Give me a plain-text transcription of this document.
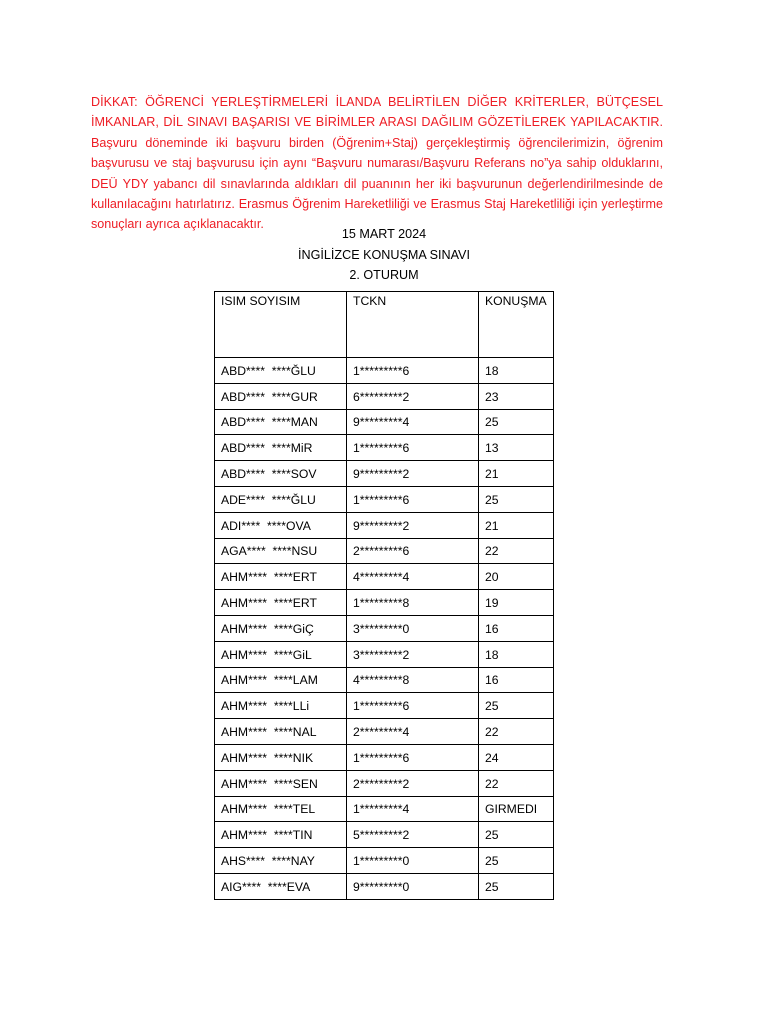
DİKKAT: ÖĞRENCİ YERLEŞTİRMELERİ İLANDA BELİRTİLEN DİĞER KRİTERLER, BÜTÇESEL İMKANLAR, DİL SINAVI BAŞARISI VE BİRİMLER ARASI DAĞILIM GÖZETİLEREK YAPILACAKTIR. Başvuru döneminde iki başvuru birden (Öğrenim+Staj) gerçekleştirmiş öğrencilerimizin, öğrenim başvurusu ve staj başvurusu için aynı “Başvuru numarası/Başvuru Referans no”ya sahip olduklarını, DEÜ YDY yabancı dil sınavlarında aldıkları dil puanının her iki başvurunun değerlendirilmesinde de kullanılacağını hatırlatırız. Erasmus Öğrenim Hareketliliği ve Erasmus Staj Hareketliliği için yerleştirme sonuçları ayrıca açıklanacaktır.
15 MART 2024
İNGİLİZCE KONUŞMA SINAVI
2. OTURUM
ISIM SOYISIM	TCKN	KONUŞMA
ABD****  ****ĞLU	1*********6	18
ABD****  ****GUR	6*********2	23
ABD****  ****MAN	9*********4	25
ABD****  ****MiR	1*********6	13
ABD****  ****SOV	9*********2	21
ADE****  ****ĞLU	1*********6	25
ADI****  ****OVA	9*********2	21
AGA****  ****NSU	2*********6	22
AHM****  ****ERT	4*********4	20
AHM****  ****ERT	1*********8	19
AHM****  ****GiÇ	3*********0	16
AHM****  ****GiL	3*********2	18
AHM****  ****LAM	4*********8	16
AHM****  ****LLi	1*********6	25
AHM****  ****NAL	2*********4	22
AHM****  ****NIK	1*********6	24
AHM****  ****SEN	2*********2	22
AHM****  ****TEL	1*********4	GIRMEDI
AHM****  ****TIN	5*********2	25
AHS****  ****NAY	1*********0	25
AIG****  ****EVA	9*********0	25
